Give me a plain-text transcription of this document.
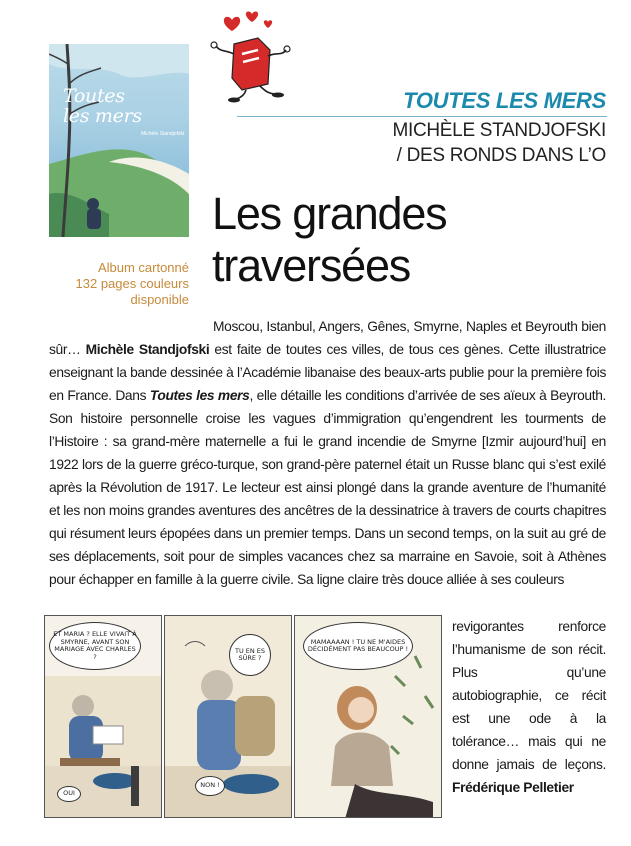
Toutes
les mers
Michèle Standjofski
TOUTES LES MERS
MICHÈLE STANDJOFSKI
/ DES RONDS DANS L’O
Les grandes
traversées
Album cartonné
132 pages couleurs
disponible

Moscou, Istanbul, Angers, Gênes, Smyrne, Naples et Beyrouth bien sûr… Michèle Standjofski est faite de toutes ces villes, de tous ces gènes. Cette illustratrice enseignant la bande dessinée à l’Académie libanaise des beaux-arts publie pour la première fois en France. Dans Toutes les mers, elle détaille les conditions d’arrivée de ses aïeux à Beyrouth. Son histoire personnelle croise les vagues d’immigration qu’engendrent les tourments de l’Histoire : sa grand-mère maternelle a fui le grand incendie de Smyrne [Izmir aujourd’hui] en 1922 lors de la guerre gréco-turque, son grand-père paternel était un Russe blanc qui s’est exilé après la Révolution de 1917. Le lecteur est ainsi plongé dans la grande aventure de l’humanité et les non moins grandes aventures des ancêtres de la dessinatrice à travers de courts chapitres qui résument leurs épopées dans un premier temps. Dans un second temps, on la suit au gré de ses déplacements, soit pour de simples vacances chez sa marraine en Savoie, soit à Athènes pour échapper en famille à la guerre civile. Sa ligne claire très douce alliée à ses couleurs

revigorantes renforce l’humanisme de son récit. Plus qu’une autobiographie, ce récit est une ode à la tolérance… mais qui ne donne jamais de leçons. Frédérique Pelletier
ET MARIA ? ELLE VIVAIT À SMYRNE, AVANT SON MARIAGE AVEC CHARLES ?
OUI
TU EN ES SÛRE ?
NON !
MAMAAAAN ! TU NE M'AIDES DÉCIDÉMENT PAS BEAUCOUP !
